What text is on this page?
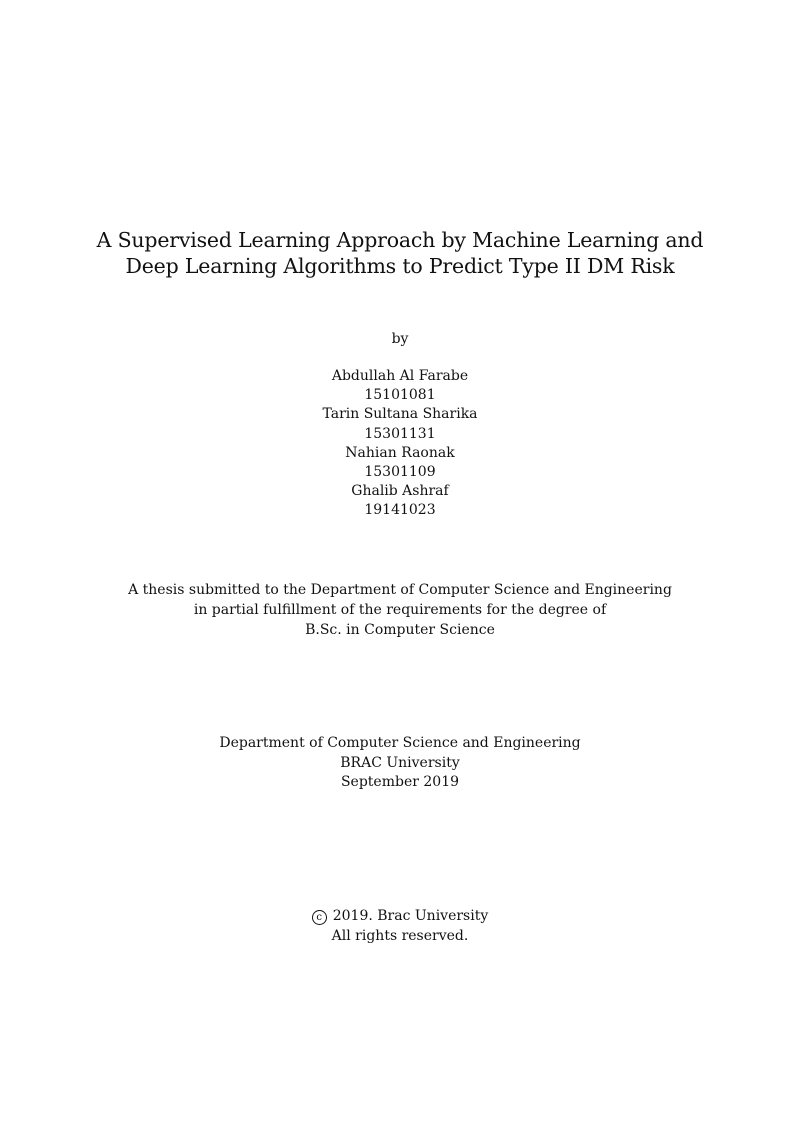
A Supervised Learning Approach by Machine Learning and
Deep Learning Algorithms to Predict Type II DM Risk
by
Abdullah Al Farabe
15101081
Tarin Sultana Sharika
15301131
Nahian Raonak
15301109
Ghalib Ashraf
19141023
A thesis submitted to the Department of Computer Science and Engineering
in partial fulfillment of the requirements for the degree of
B.Sc. in Computer Science
Department of Computer Science and Engineering
BRAC University
September 2019
c 2019. Brac University
All rights reserved.
